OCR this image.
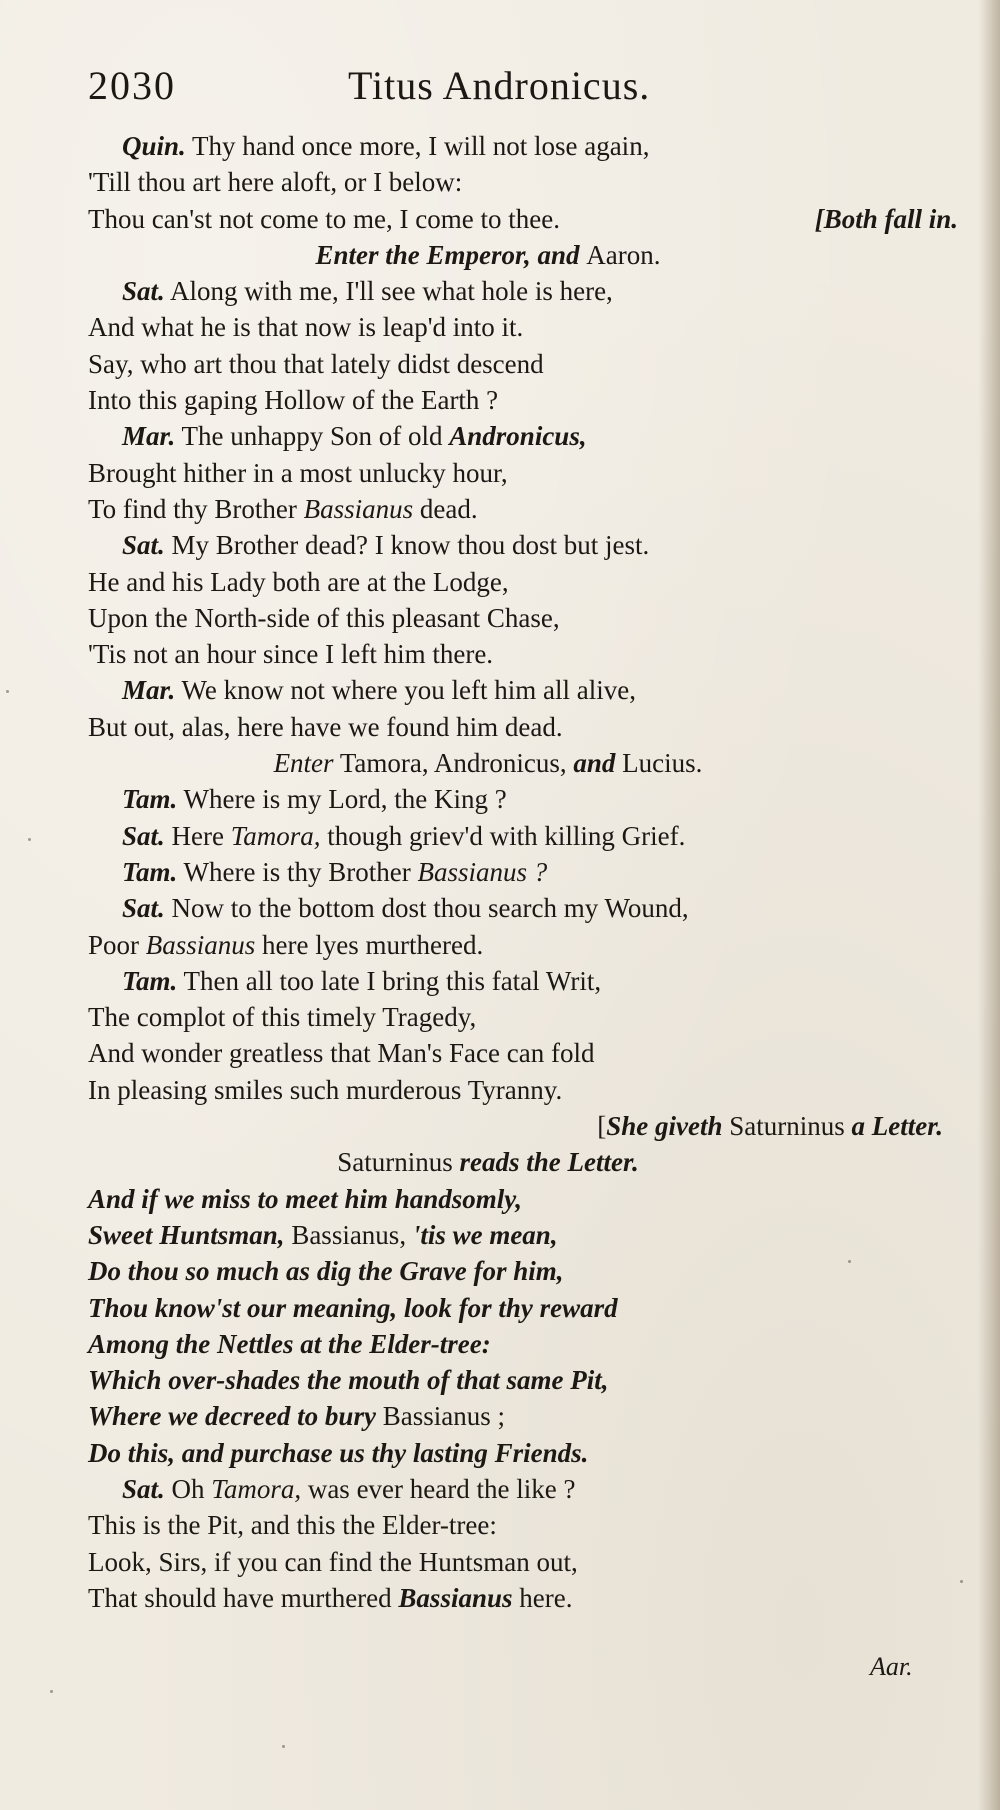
2030	Titus Andronicus.
Quin. Thy hand once more, I will not lose again,
'Till thou art here aloft, or I below:
Thou can'st not come to me, I come to thee.	[Both fall in.
Enter the Emperor, and Aaron.
Sat. Along with me, I'll see what hole is here,
And what he is that now is leap'd into it.
Say, who art thou that lately didst descend
Into this gaping Hollow of the Earth ?
Mar. The unhappy Son of old Andronicus,
Brought hither in a most unlucky hour,
To find thy Brother Bassianus dead.
Sat. My Brother dead? I know thou dost but jest.
He and his Lady both are at the Lodge,
Upon the North-side of this pleasant Chase,
'Tis not an hour since I left him there.
Mar. We know not where you left him all alive,
But out, alas, here have we found him dead.
Enter Tamora, Andronicus, and Lucius.
Tam. Where is my Lord, the King ?
Sat. Here Tamora, though griev'd with killing Grief.
Tam. Where is thy Brother Bassianus ?
Sat. Now to the bottom dost thou search my Wound,
Poor Bassianus here lyes murthered.
Tam. Then all too late I bring this fatal Writ,
The complot of this timely Tragedy,
And wonder greatless that Man's Face can fold
In pleasing smiles such murderous Tyranny.
[She giveth Saturninus a Letter.
Saturninus reads the Letter.
And if we miss to meet him handsomly,
Sweet Huntsman, Bassianus, 'tis we mean,
Do thou so much as dig the Grave for him,
Thou know'st our meaning, look for thy reward
Among the Nettles at the Elder-tree:
Which over-shades the mouth of that same Pit,
Where we decreed to bury Bassianus ;
Do this, and purchase us thy lasting Friends.
Sat. Oh Tamora, was ever heard the like ?
This is the Pit, and this the Elder-tree:
Look, Sirs, if you can find the Huntsman out,
That should have murthered Bassianus here.
Aar.
